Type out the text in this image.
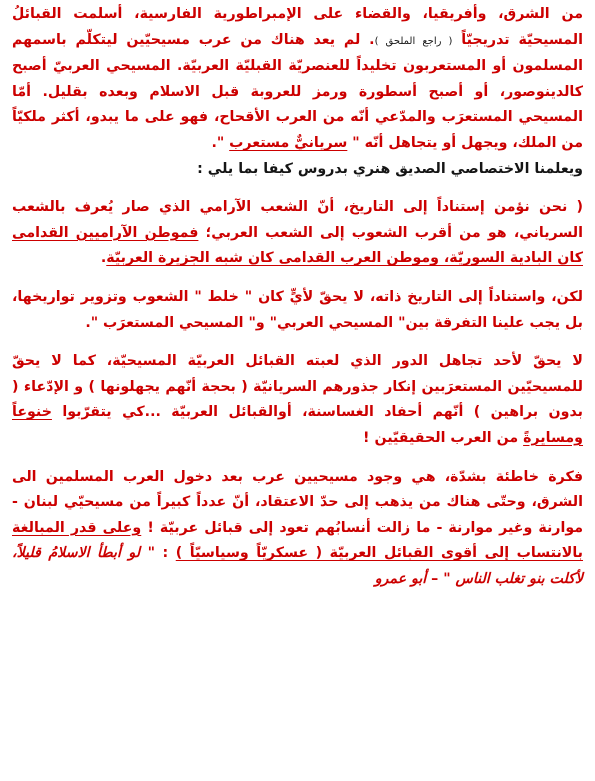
من الشرق، وأفريقيا، والقضاء على الإمبراطورية الفارسية، أسلمت القبائلُ المسيحيّة تدريجيّاً ( راجع الملحق ). لم يعد هناك من عرب مسيحيّين ليتكلّم باسمهم المسلمون أو المستعربون تخليداً للعنصريّة القبليّة العربيّة. المسيحي العربيّ أصبح كالدينوصور، أو أصبح أسطورة ورمز للعروبة قبل الاسلام وبعده بقليل. أمّا المسيحي المستعرَب والمدّعي أنّه من العرب الأقحاح، فهو على ما يبدو، أكثر ملكيّاً من الملك، ويجهل أو يتجاهل أنّه " سريانيٌّ مستعرب ".

ويعلمنا الاختصاصي الصديق هنري بدروس كيفا بما يلي :

( نحن نؤمن إستناداً إلى التاريخ، أنّ الشعب الآرامي الذي صار يُعرف بالشعب السرياني، هو من أقرب الشعوب إلى الشعب العربي؛ فموطن الآراميين القدامى كان البادية السوريّة، وموطن العرب القدامى كان شبه الجزيرة العربيّة.

لكن، واستناداً إلى التاريخ ذاته، لا يحقّ لأيٍّ كان " خلط " الشعوب وتزوير تواريخها، بل يجب علينا التفرقة بين" المسيحي العربي" و" المسيحي المستعرَب ".

لا يحقّ لأحد تجاهل الدور الذي لعبته القبائل العربيّة المسيحيّة، كما لا يحقّ للمسيحيّين المستعرَبين إنكار جذورهم السريانيّة ( بحجة أنّهم يجهلونها ) و الإدّعاء ( بدون براهين ) أنّهم أحفاد الغساسنة، أوالقبائل العربيّة ...كي يتقرّبوا خنوعاً ومسايرةً من العرب الحقيقيّين !

فكرة خاطئة بشدّة، هي وجود مسيحيين عرب بعد دخول العرب المسلمين الى الشرق، وحتّى هناك من يذهب إلى حدّ الاعتقاد، أنّ عدداً كبيراً من مسيحيّي لبنان - موارنة وغير موارنة - ما زالت أنسابُهم تعود إلى قبائل عربيّة ! وعلى قدر المبالغة بالانتساب إلى أقوى القبائل العربيّة ( عسكريّاً وسياسيّاً ) : " لو أبطأ الاسلامُ قليلاً، لأكلت بنو تغلب الناس " – أبو عمرو
